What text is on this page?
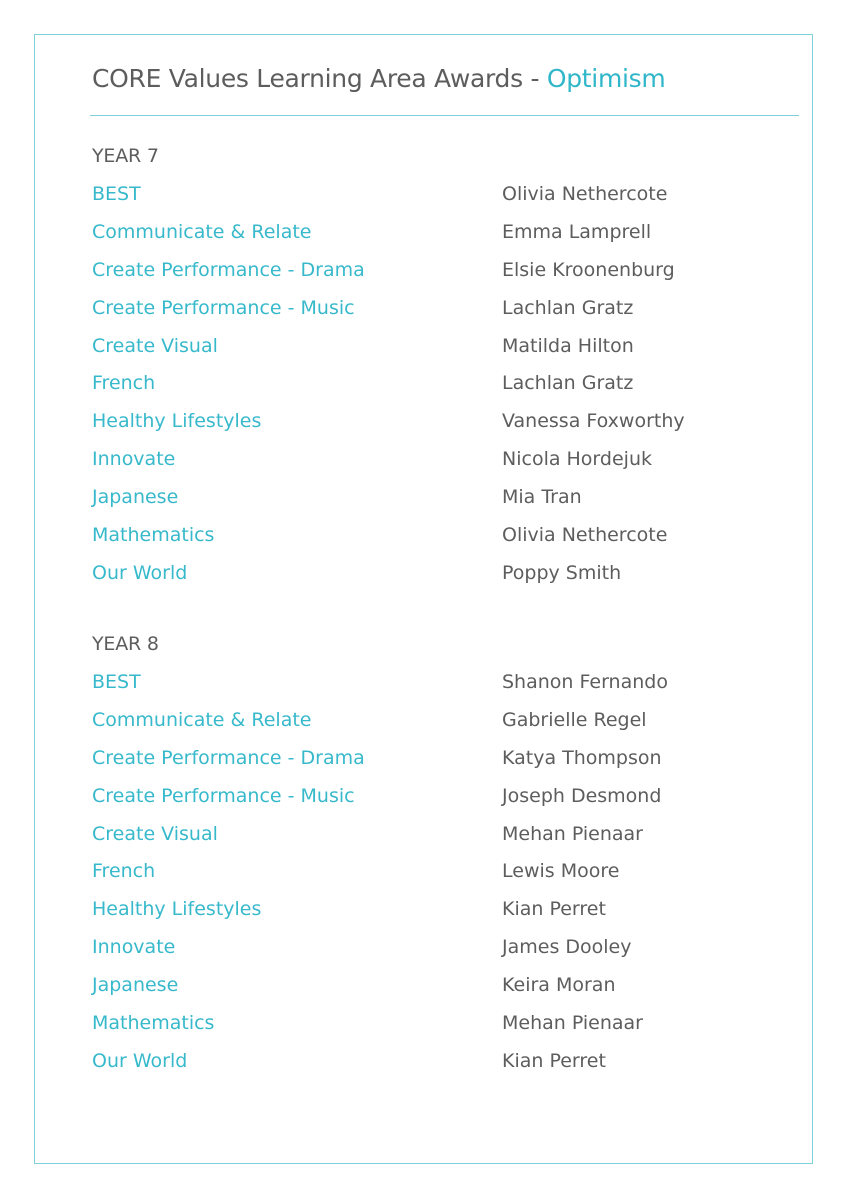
CORE Values Learning Area Awards - Optimism
YEAR 7
BEST	Olivia Nethercote
Communicate & Relate	Emma Lamprell
Create Performance - Drama	Elsie Kroonenburg
Create Performance - Music	Lachlan Gratz
Create Visual	Matilda Hilton
French	Lachlan Gratz
Healthy Lifestyles	Vanessa Foxworthy
Innovate	Nicola Hordejuk
Japanese	Mia Tran
Mathematics	Olivia Nethercote
Our World	Poppy Smith
YEAR 8
BEST	Shanon Fernando
Communicate & Relate	Gabrielle Regel
Create Performance - Drama	Katya Thompson
Create Performance - Music	Joseph Desmond
Create Visual	Mehan Pienaar
French	Lewis Moore
Healthy Lifestyles	Kian Perret
Innovate	James Dooley
Japanese	Keira Moran
Mathematics	Mehan Pienaar
Our World	Kian Perret
